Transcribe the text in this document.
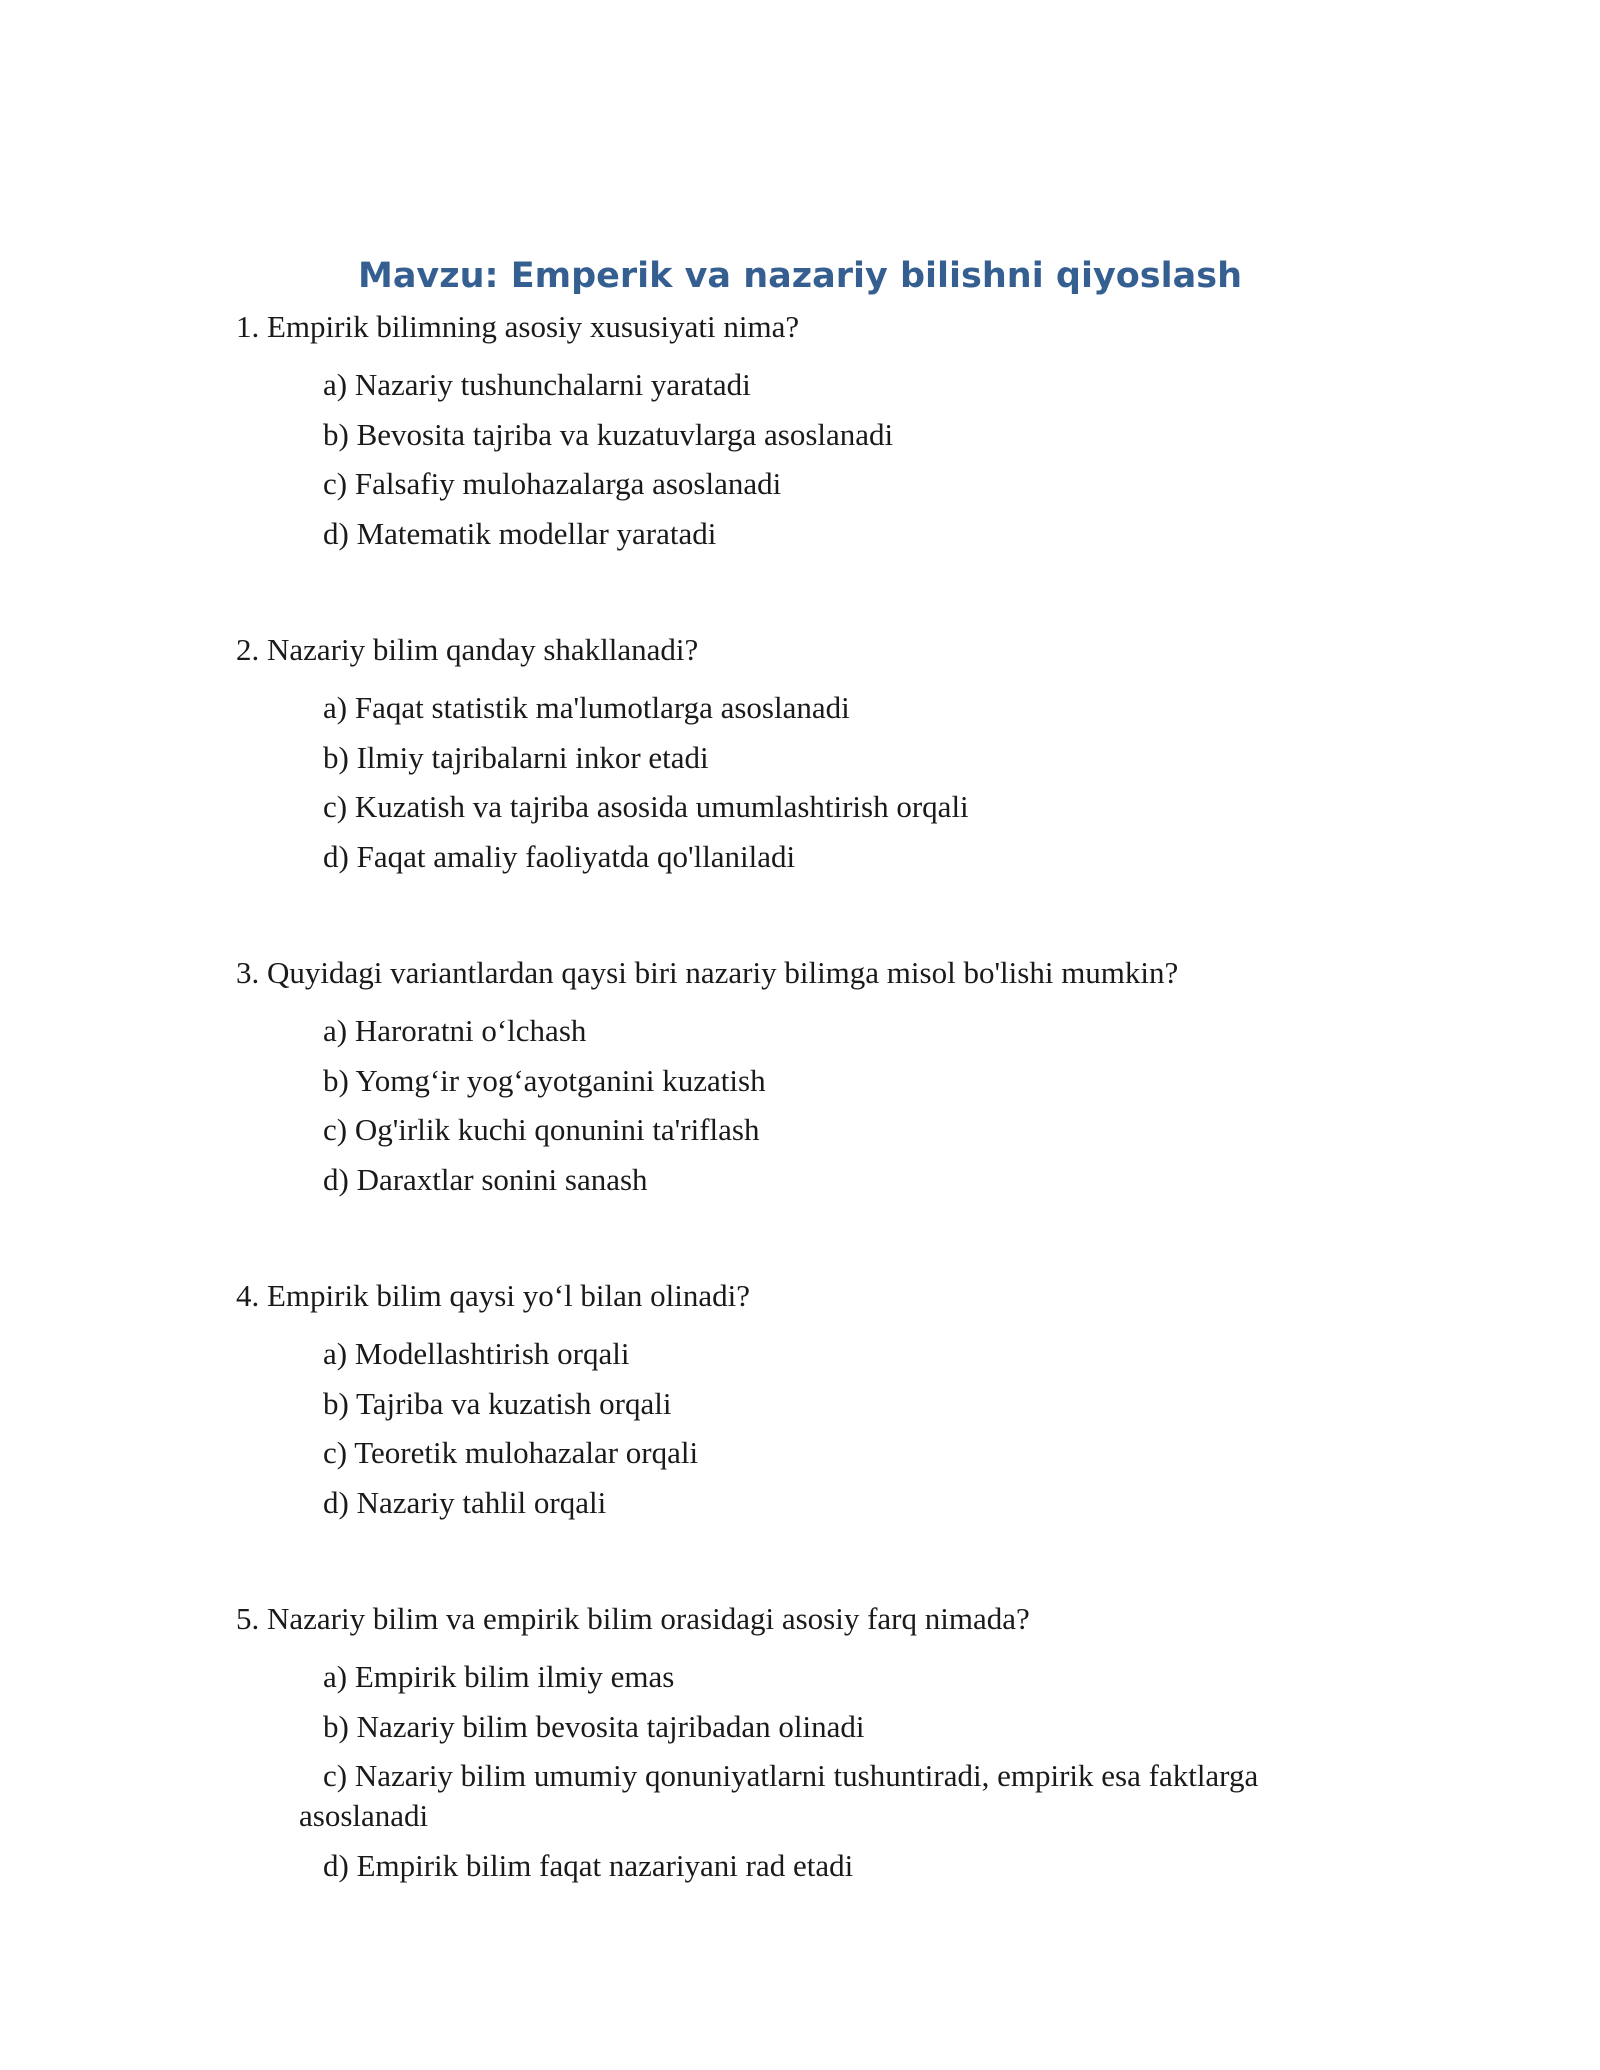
Mavzu: Emperik va nazariy bilishni qiyoslash
1. Empirik bilimning asosiy xususiyati nima?
a) Nazariy tushunchalarni yaratadi
b) Bevosita tajriba va kuzatuvlarga asoslanadi
c) Falsafiy mulohazalarga asoslanadi
d) Matematik modellar yaratadi
2. Nazariy bilim qanday shakllanadi?
a) Faqat statistik ma'lumotlarga asoslanadi
b) Ilmiy tajribalarni inkor etadi
c) Kuzatish va tajriba asosida umumlashtirish orqali
d) Faqat amaliy faoliyatda qo'llaniladi
3. Quyidagi variantlardan qaysi biri nazariy bilimga misol bo'lishi mumkin?
a) Haroratni o‘lchash
b) Yomg‘ir yog‘ayotganini kuzatish
c) Og'irlik kuchi qonunini ta'riflash
d) Daraxtlar sonini sanash
4. Empirik bilim qaysi yo‘l bilan olinadi?
a) Modellashtirish orqali
b) Tajriba va kuzatish orqali
c) Teoretik mulohazalar orqali
d) Nazariy tahlil orqali
5. Nazariy bilim va empirik bilim orasidagi asosiy farq nimada?
a) Empirik bilim ilmiy emas
b) Nazariy bilim bevosita tajribadan olinadi
c) Nazariy bilim umumiy qonuniyatlarni tushuntiradi, empirik esa faktlarga asoslanadi
d) Empirik bilim faqat nazariyani rad etadi
